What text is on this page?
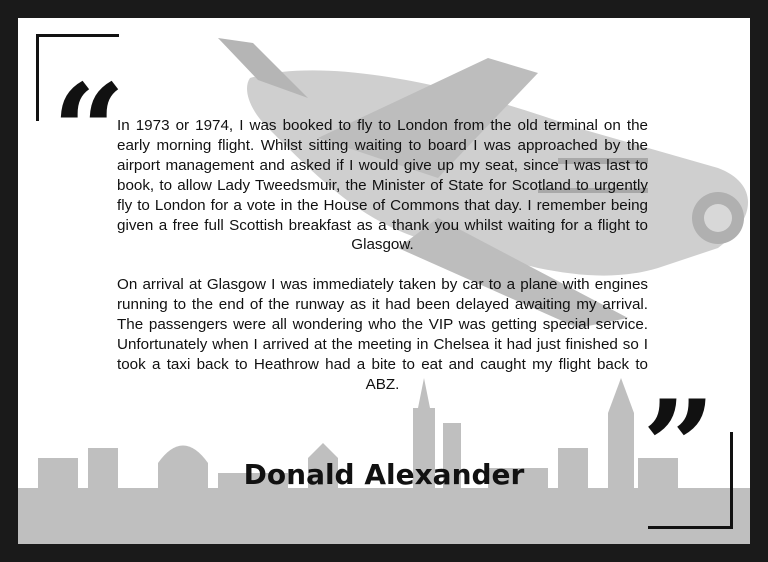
“
”

In 1973 or 1974, I was booked to fly to London from the old terminal on the early morning flight. Whilst sitting waiting to board I was approached by the airport management and asked if I would give up my seat, since I was last to book, to allow Lady Tweedsmuir, the Minister of State for Scotland to urgently fly to London for a vote in the House of Commons that day. I remember being given a free full Scottish breakfast as a thank you whilst waiting for a flight to Glasgow.

On arrival at Glasgow I was immediately taken by car to a plane with engines running to the end of the runway as it had been delayed awaiting my arrival. The passengers were all wondering who the VIP was getting special service. Unfortunately when I arrived at the meeting in Chelsea it had just finished so I took a taxi back to Heathrow had a bite to eat and caught my flight back to ABZ.

Donald Alexander
